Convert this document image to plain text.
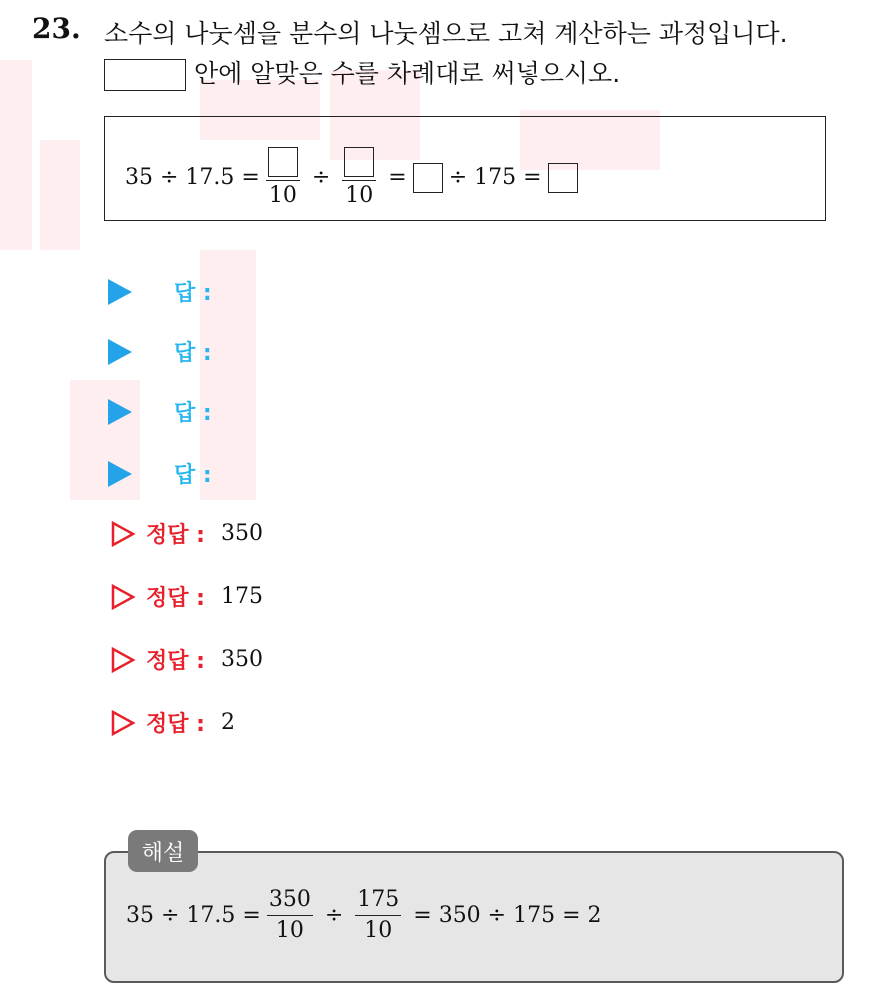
23. 소수의 나눗셈을 분수의 나눗셈으로 고쳐 계산하는 과정입니다.
안에 알맞은 수를 차례대로 써넣으시오.
35 ÷ 17.5 =
10
÷
10
= ÷ 175 =
답 :
답 :
답 :
답 :
정답 : 350
정답 : 175
정답 : 350
정답 : 2
$35 \div 17.5 = \frac{350}{10} \div \frac{175}{10} = 350 \div 175 = 2$
해설
